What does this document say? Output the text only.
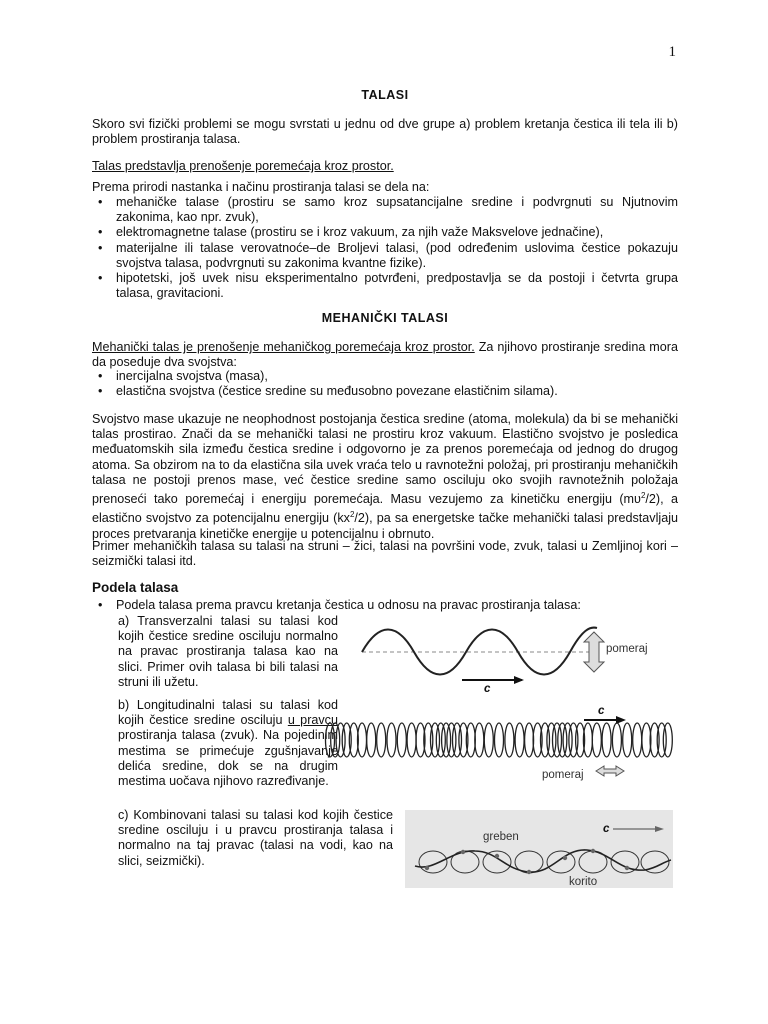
1
TALASI

Skoro svi fizički problemi se mogu svrstati u jednu od dve grupe a) problem kretanja čestica ili tela ili b) problem prostiranja talasa.

Talas predstavlja prenošenje poremećaja kroz prostor.

Prema prirodi nastanka i načinu prostiranja talasi se dela na:

• mehaničke talase (prostiru se samo kroz supsatancijalne sredine i podvrgnuti su Njutnovim zakonima, kao npr. zvuk),
• elektromagnetne talase (prostiru se i kroz vakuum, za njih važe Maksvelove jednačine),
• materijalne ili talase verovatnoće–de Broljevi talasi, (pod određenim uslovima čestice pokazuju svojstva talasa, podvrgnuti su zakonima kvantne fizike).
• hipotetski, još uvek nisu eksperimentalno potvrđeni, predpostavlja se da postoji i četvrta grupa talasa, gravitacioni.
MEHANIČKI TALASI

Mehanički talas je prenošenje mehaničkog poremećaja kroz prostor. Za njihovo prostiranje sredina mora da poseduje dva svojstva:

• inercijalna svojstva (masa),
• elastična svojstva (čestice sredine su međusobno povezane elastičnim silama).

Svojstvo mase ukazuje ne neophodnost postojanja čestica sredine (atoma, molekula) da bi se mehanički talas prostirao. Znači da se mehanički talasi ne prostiru kroz vakuum. Elastično svojstvo je posledica međuatomskih sila između čestica sredine i odgovorno je za prenos poremećaja od jednog do drugog atoma. Sa obzirom na to da elastična sila uvek vraća telo u ravnotežni položaj, pri prostiranju mehaničkih talasa ne postoji prenos mase, već čestice sredine samo osciluju oko svojih ravnotežnih položaja prenoseći tako poremećaj i energiju poremećaja. Masu vezujemo za kinetičku energiju $(m\upsilon^2/2)$, a elastično svojstvo za potencijalnu energiju $(kx^2/2)$, pa sa energetske tačke mehanički talasi predstavljaju proces pretvaranja kinetičke energije u potencijalnu i obrnuto.

Primer mehaničkih talasa su talasi na struni – žici, talasi na površini vode, zvuk, talasi u Zemljinoj kori – seizmički talasi itd.

Podela talasa
• Podela talasa prema pravcu kretanja čestica u odnosu na pravac prostiranja talasa:

a) Transverzalni talasi su talasi kod kojih čestice sredine osciluju normalno na pravac prostiranja talasa kao na slici. Primer ovih talasa bi bili talasi na struni ili užetu.

b) Longitudinalni talasi su talasi kod kojih čestice sredine osciluju u pravcu prostiranja talasa (zvuk). Na pojedinim mestima se primećuje zgušnjavanje delića sredine, dok se na drugim mestima uočava njihovo razređivanje.

c) Kombinovani talasi su talasi kod kojih čestice sredine osciluju i u pravcu prostiranja talasa i normalno na taj pravac (talasi na vodi, kao na slici, seizmički).

pomeraj
c
c
pomeraj
greben
c
korito
